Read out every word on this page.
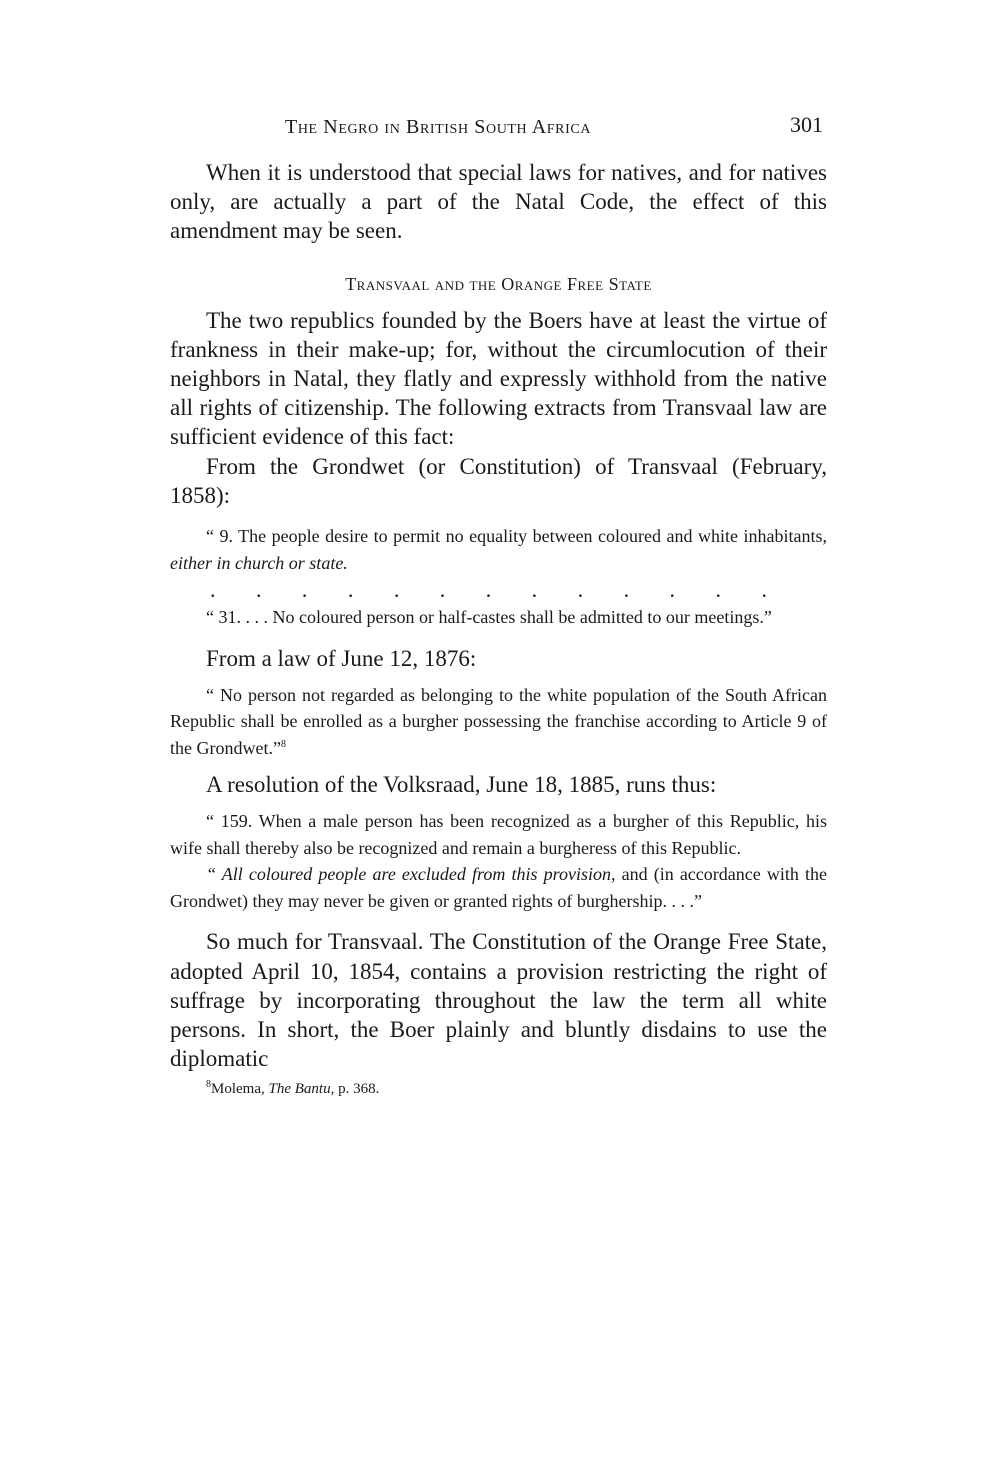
The Negro in British South Africa	301

When it is understood that special laws for natives, and for natives only, are actually a part of the Natal Code, the effect of this amendment may be seen.

Transvaal and the Orange Free State

The two republics founded by the Boers have at least the virtue of frankness in their make-up; for, without the circumlocution of their neighbors in Natal, they flatly and expressly withhold from the native all rights of citizenship. The following extracts from Transvaal law are sufficient evidence of this fact:

From the Grondwet (or Constitution) of Transvaal (February, 1858):

“ 9. The people desire to permit no equality between coloured and white inhabitants, either in church or state.

. . . . . . . . . . . . .

“ 31. . . . No coloured person or half-castes shall be admitted to our meetings.”

From a law of June 12, 1876:

“ No person not regarded as belonging to the white population of the South African Republic shall be enrolled as a burgher possessing the franchise according to Article 9 of the Grondwet.”$^8$

A resolution of the Volksraad, June 18, 1885, runs thus:

“ 159. When a male person has been recognized as a burgher of this Republic, his wife shall thereby also be recognized and remain a burgheress of this Republic.

“ All coloured people are excluded from this provision, and (in accordance with the Grondwet) they may never be given or granted rights of burghership. . . .”

So much for Transvaal. The Constitution of the Orange Free State, adopted April 10, 1854, contains a provision restricting the right of suffrage by incorporating throughout the law the term all white persons. In short, the Boer plainly and bluntly disdains to use the diplomatic

$^8$Molema, The Bantu, p. 368.
